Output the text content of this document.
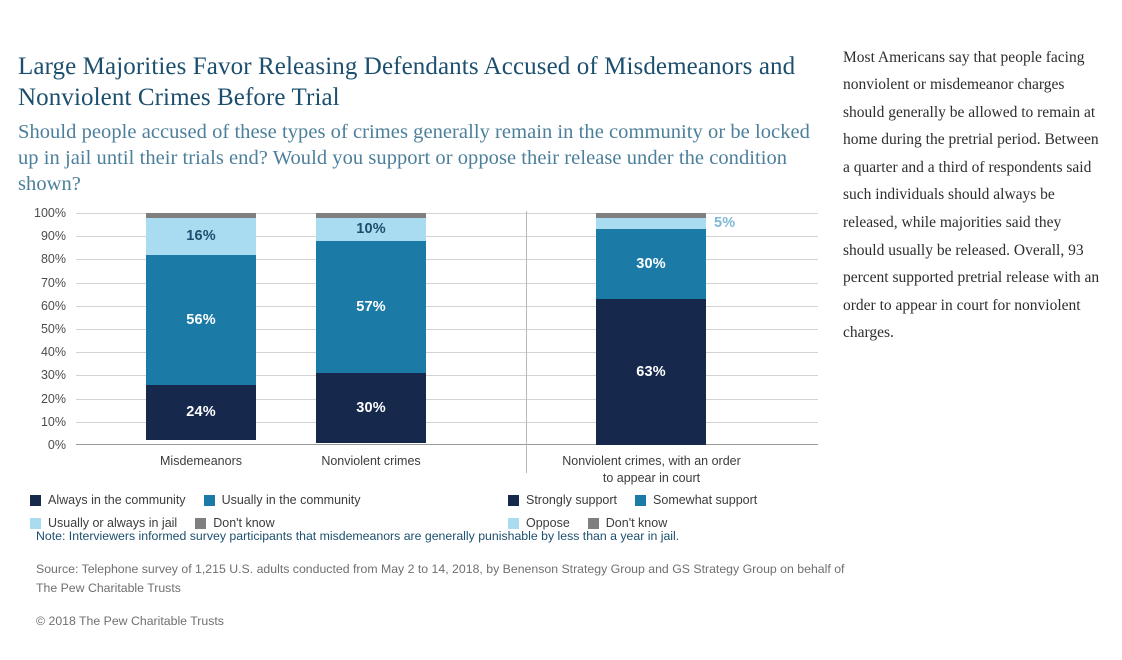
Large Majorities Favor Releasing Defendants Accused of Misdemeanors and Nonviolent Crimes Before Trial

Should people accused of these types of crimes generally remain in the community or be locked up in jail until their trials end? Would you support or oppose their release under the condition shown?

100%
90%
80%
70%
60%
50%
40%
30%
20%
10%
0%
16%
56%
24%
Misdemeanors
10%
57%
30%
Nonviolent crimes
5%
30%
63%
Nonviolent crimes, with an order to appear in court
Always in the community	Usually in the community
Usually or always in jail	Don't know
Strongly support	Somewhat support
Oppose	Don't know
Note: Interviewers informed survey participants that misdemeanors are generally punishable by less than a year in jail.
Source: Telephone survey of 1,215 U.S. adults conducted from May 2 to 14, 2018, by Benenson Strategy Group and GS Strategy Group on behalf of The Pew Charitable Trusts
© 2018 The Pew Charitable Trusts

Most Americans say that people facing nonviolent or misdemeanor charges should generally be allowed to remain at home during the pretrial period. Between a quarter and a third of respondents said such individuals should always be released, while majorities said they should usually be released. Overall, 93 percent supported pretrial release with an order to appear in court for nonviolent charges.
